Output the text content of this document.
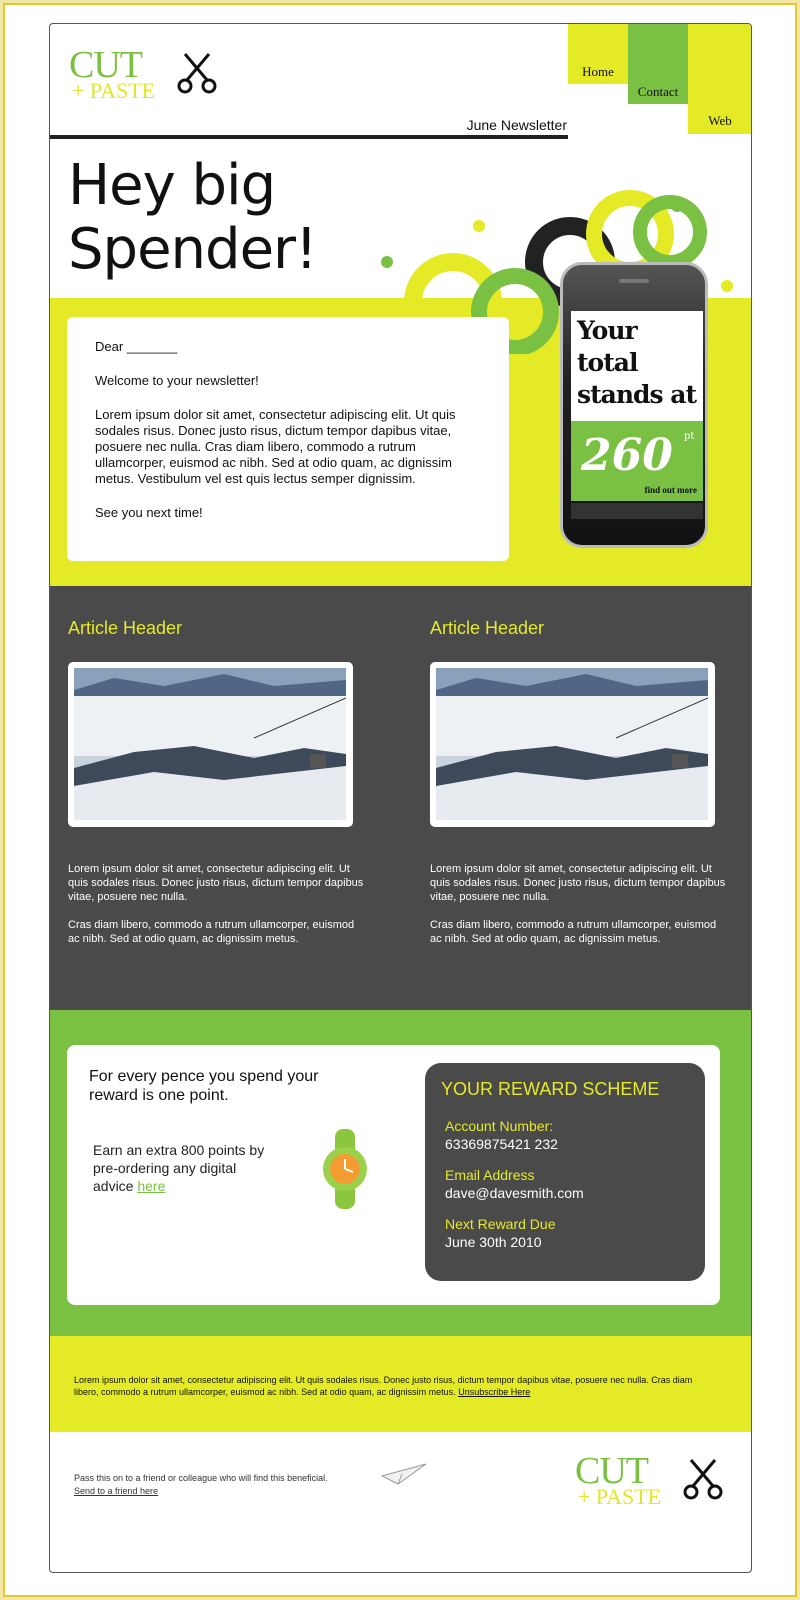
CUT
+ PASTE
Home
Contact
Web
June Newsletter
Hey big
Spender!

Dear _______

Welcome to your newsletter!

Lorem ipsum dolor sit amet, consectetur adipiscing elit. Ut quis sodales risus. Donec justo risus, dictum tempor dapibus vitae, posuere nec nulla. Cras diam libero, commodo a rutrum ullamcorper, euismod ac nibh. Sed at odio quam, ac dignissim metus. Vestibulum vel est quis lectus semper dignissim.

See you next time!

Your
total
stands at
260 pt
find out more
Article Header

Lorem ipsum dolor sit amet, consectetur adipiscing elit. Ut quis sodales risus. Donec justo risus, dictum tempor dapibus vitae, posuere nec nulla.

Cras diam libero, commodo a rutrum ullamcorper, euismod ac nibh. Sed at odio quam, ac dignissim metus.

Article Header

Lorem ipsum dolor sit amet, consectetur adipiscing elit. Ut quis sodales risus. Donec justo risus, dictum tempor dapibus vitae, posuere nec nulla.

Cras diam libero, commodo a rutrum ullamcorper, euismod ac nibh. Sed at odio quam, ac dignissim metus.

For every pence you spend your reward is one point.
Earn an extra 800 points by pre-ordering any digital advice here
YOUR REWARD SCHEME
Account Number:
63369875421 232
Email Address
dave@davesmith.com
Next Reward Due
June 30th 2010
Lorem ipsum dolor sit amet, consectetur adipiscing elit. Ut quis sodales risus. Donec justo risus, dictum tempor dapibus vitae, posuere nec nulla. Cras diam libero, commodo a rutrum ullamcorper, euismod ac nibh. Sed at odio quam, ac dignissim metus. Unsubscribe Here
Pass this on to a friend or colleague who will find this beneficial.
Send to a friend here	CUT
+ PASTE
